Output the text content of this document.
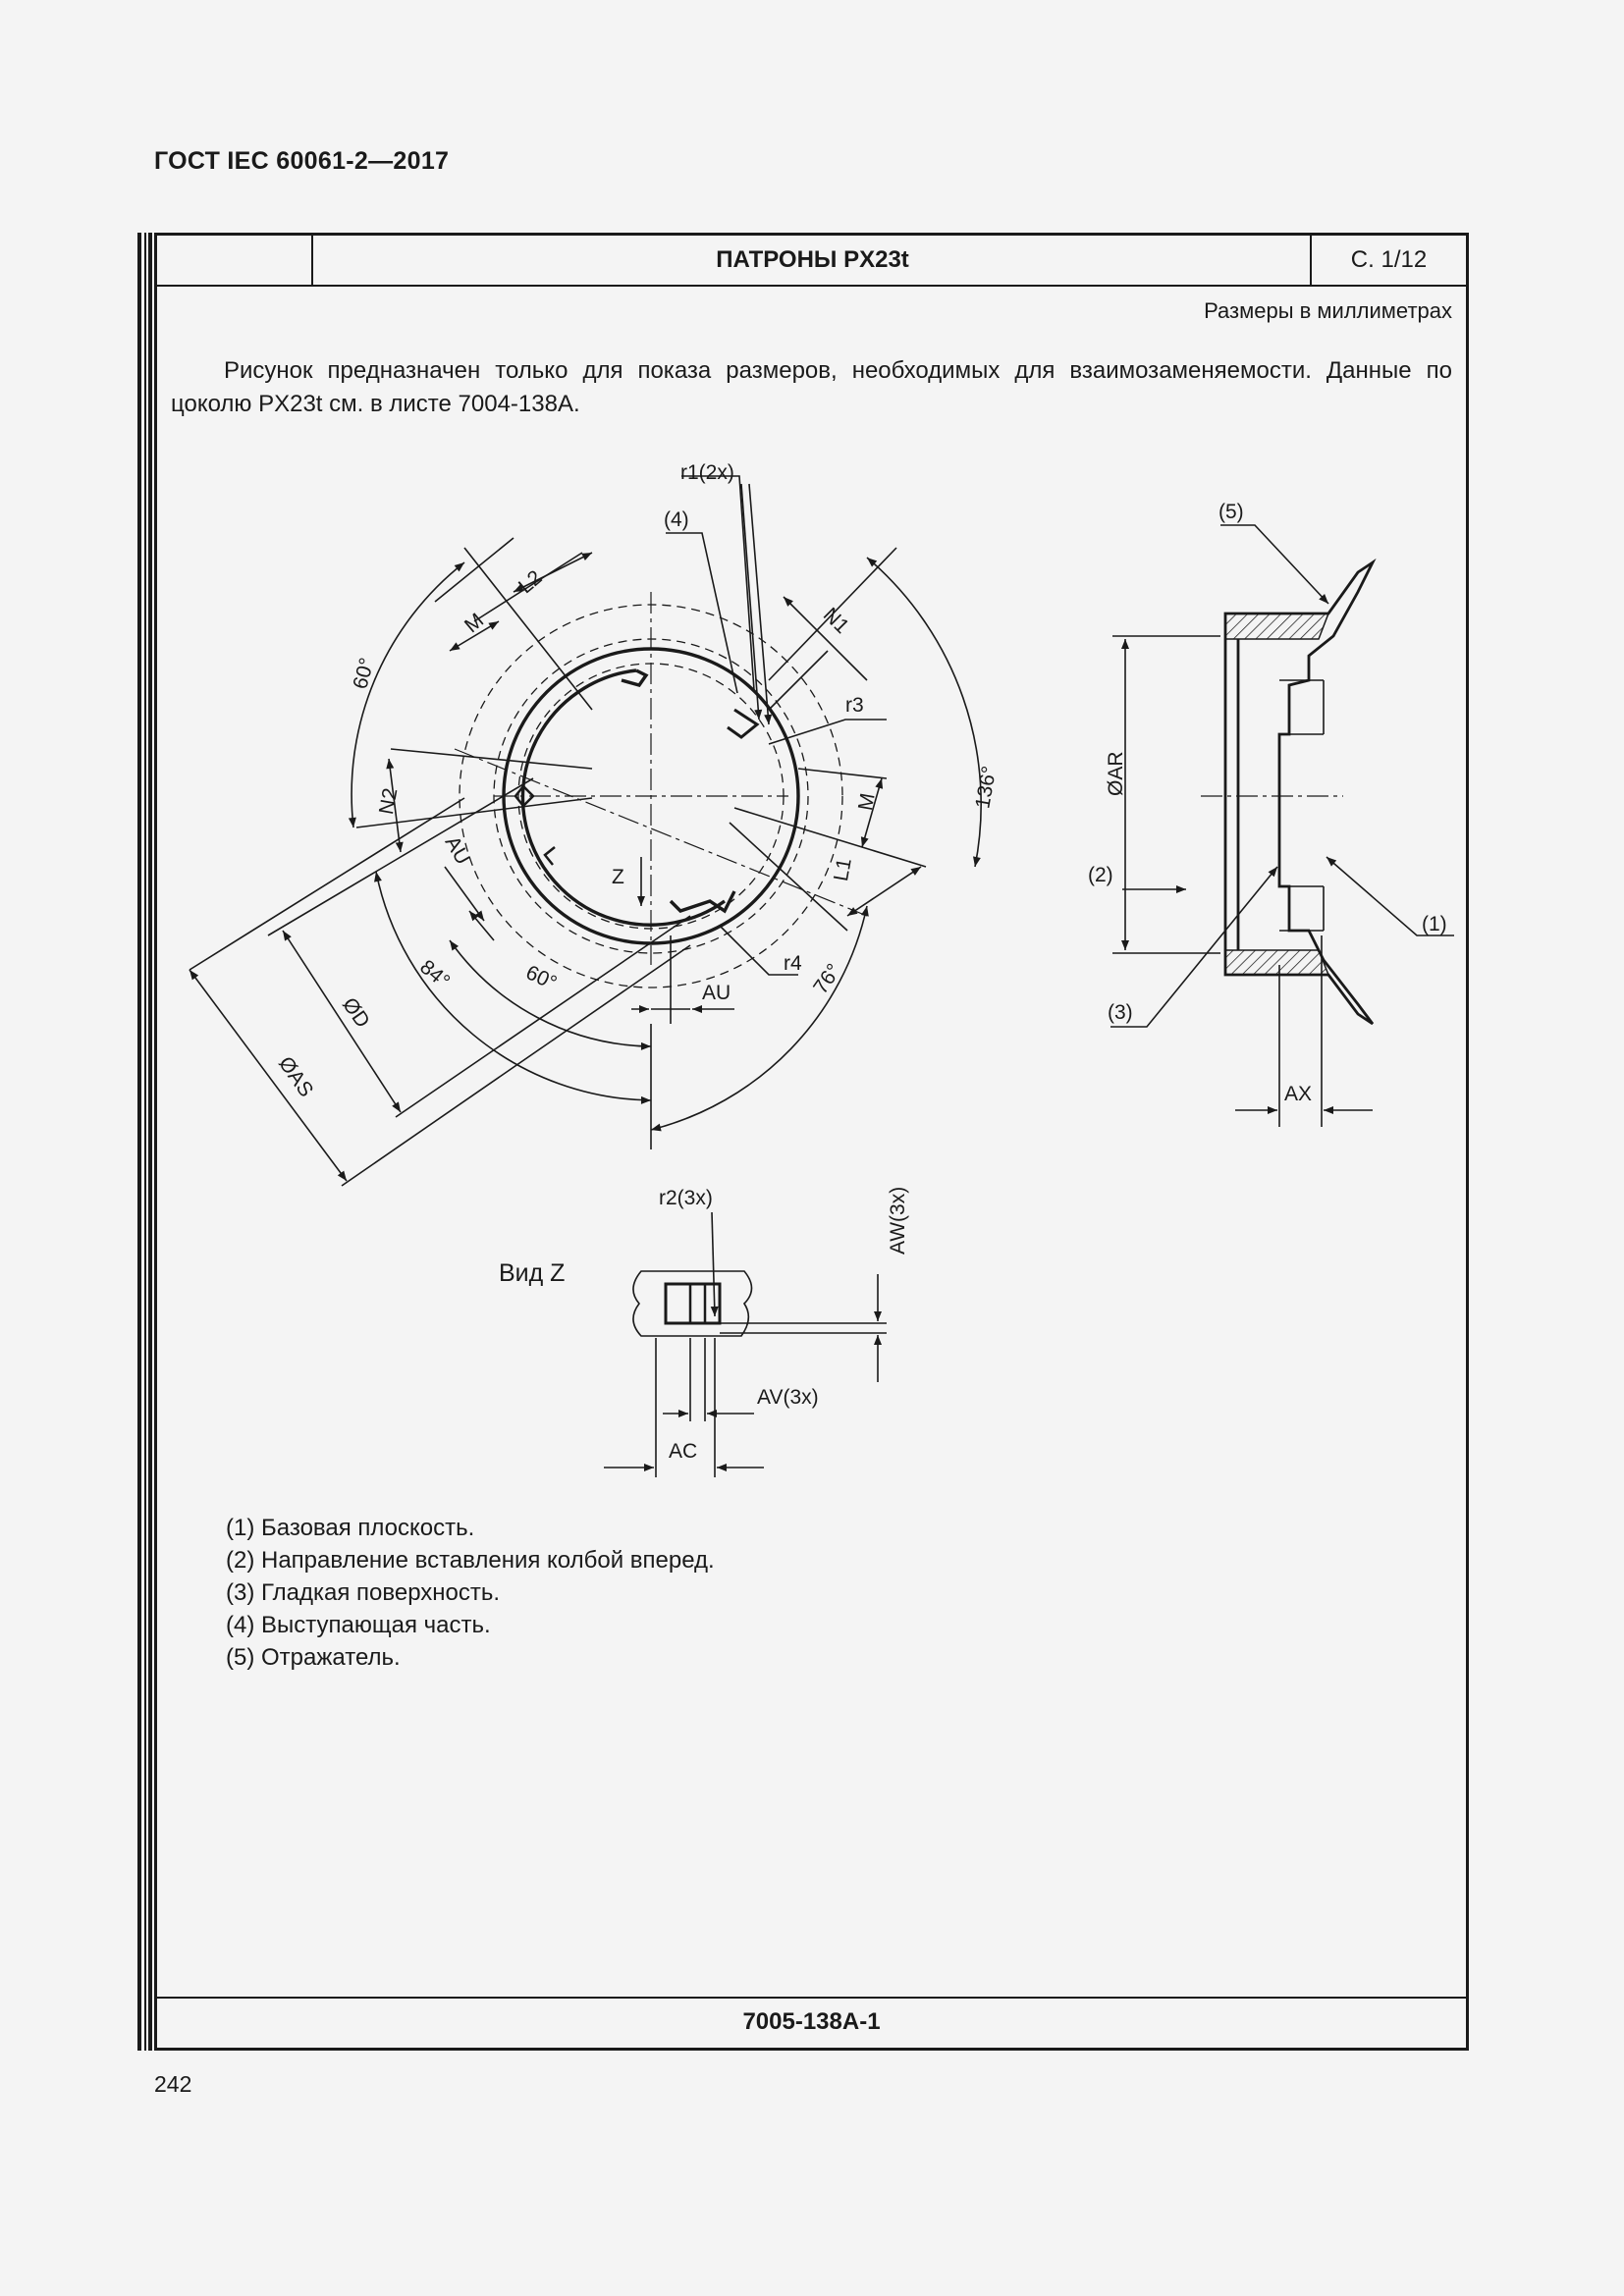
ГОСТ IEC 60061-2—2017
ПАТРОНЫ PX23t	С. 1/12
Размеры в миллиметрах
Рисунок предназначен только для показа размеров, необходимых для взаимозаменяемости. Данные по цоколю PX23t см. в листе 7004-138А.
r1(2x)
(4)
L2
M	N1
r3
60°
136°
N2	M
L1
AU
Z
r4
AU
84°	60°	76°
ØD
ØAS
(5)
ØAR
(2)
(1)
(3)
AX
Вид Z
r2(3x)	AW(3x)
AV(3x)
AC
(1) Базовая плоскость.
(2) Направление вставления колбой вперед.
(3) Гладкая поверхность.
(4) Выступающая часть.
(5) Отражатель.
7005-138A-1
242
